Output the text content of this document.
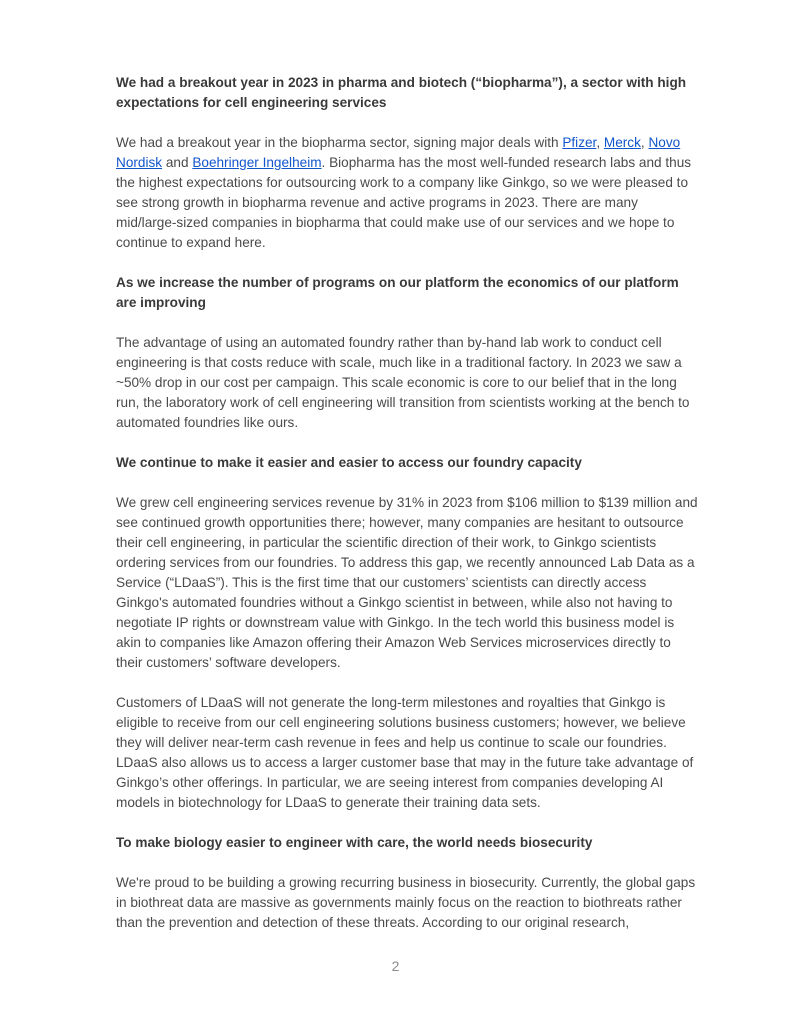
We had a breakout year in 2023 in pharma and biotech (“biopharma”), a sector with high expectations for cell engineering services

We had a breakout year in the biopharma sector, signing major deals with Pfizer, Merck, Novo Nordisk and Boehringer Ingelheim. Biopharma has the most well-funded research labs and thus the highest expectations for outsourcing work to a company like Ginkgo, so we were pleased to see strong growth in biopharma revenue and active programs in 2023. There are many mid/large-sized companies in biopharma that could make use of our services and we hope to continue to expand here.

As we increase the number of programs on our platform the economics of our platform are improving

The advantage of using an automated foundry rather than by-hand lab work to conduct cell engineering is that costs reduce with scale, much like in a traditional factory. In 2023 we saw a ~50% drop in our cost per campaign. This scale economic is core to our belief that in the long run, the laboratory work of cell engineering will transition from scientists working at the bench to automated foundries like ours.

We continue to make it easier and easier to access our foundry capacity

We grew cell engineering services revenue by 31% in 2023 from $106 million to $139 million and see continued growth opportunities there; however, many companies are hesitant to outsource their cell engineering, in particular the scientific direction of their work, to Ginkgo scientists ordering services from our foundries. To address this gap, we recently announced Lab Data as a Service (“LDaaS”). This is the first time that our customers’ scientists can directly access Ginkgo's automated foundries without a Ginkgo scientist in between, while also not having to negotiate IP rights or downstream value with Ginkgo. In the tech world this business model is akin to companies like Amazon offering their Amazon Web Services microservices directly to their customers’ software developers.

Customers of LDaaS will not generate the long-term milestones and royalties that Ginkgo is eligible to receive from our cell engineering solutions business customers; however, we believe they will deliver near-term cash revenue in fees and help us continue to scale our foundries. LDaaS also allows us to access a larger customer base that may in the future take advantage of Ginkgo’s other offerings. In particular, we are seeing interest from companies developing AI models in biotechnology for LDaaS to generate their training data sets.

To make biology easier to engineer with care, the world needs biosecurity

We're proud to be building a growing recurring business in biosecurity. Currently, the global gaps in biothreat data are massive as governments mainly focus on the reaction to biothreats rather than the prevention and detection of these threats. According to our original research,

2
